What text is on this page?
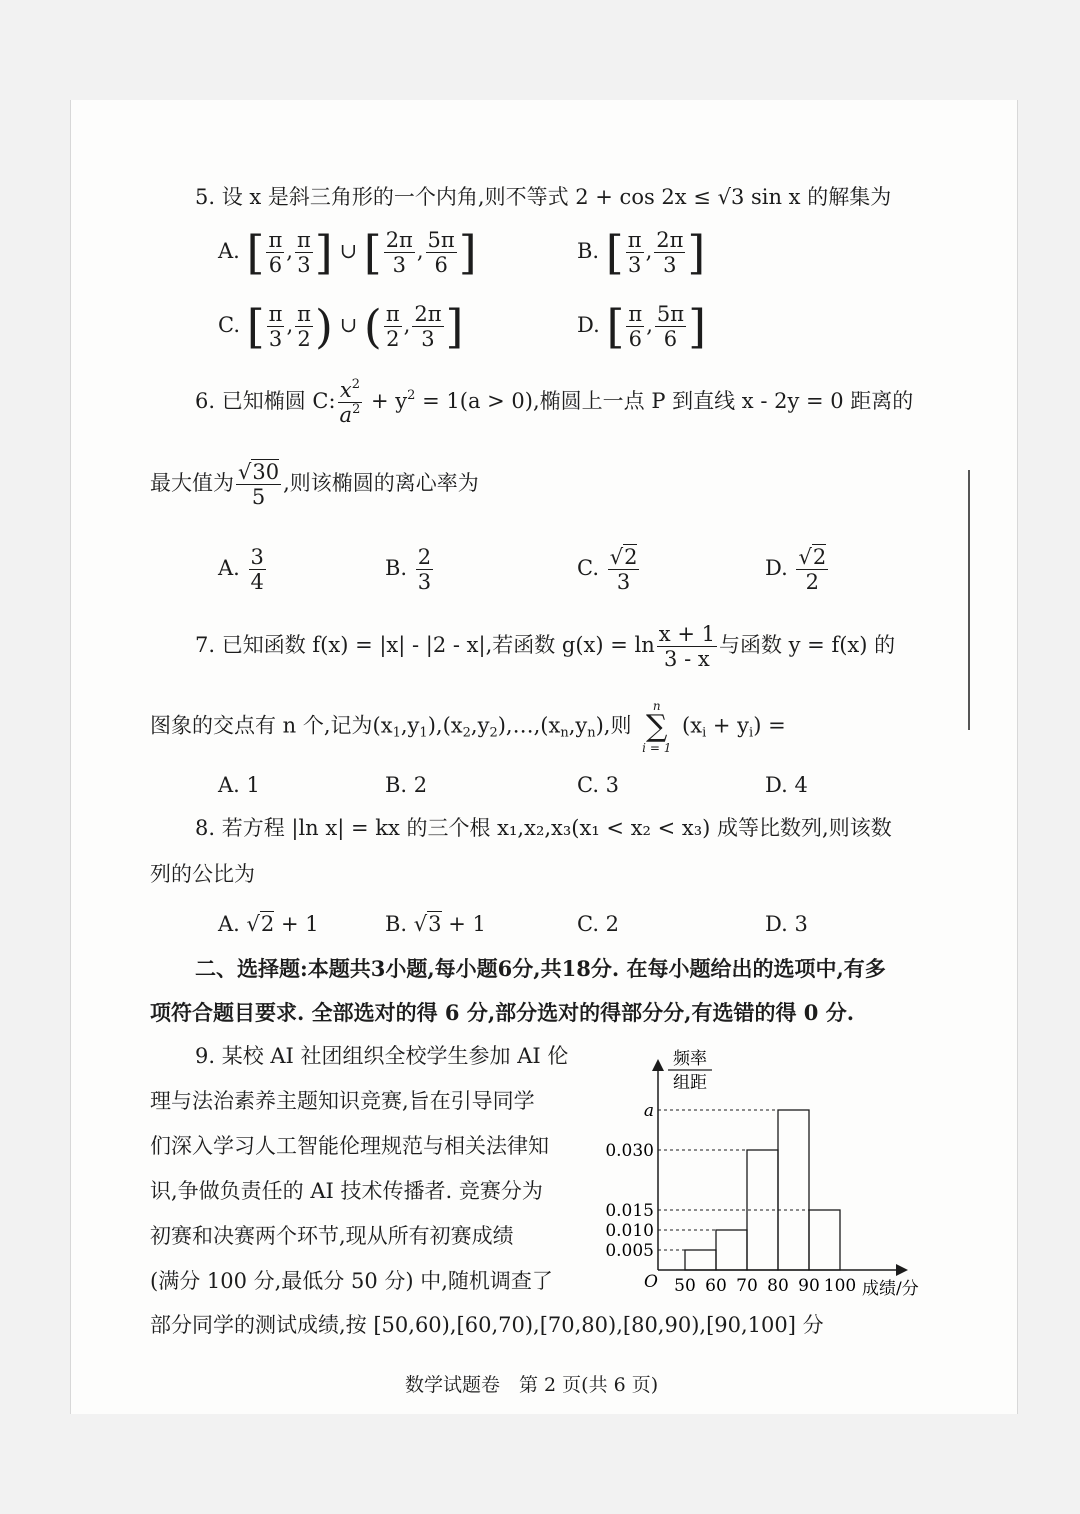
5. 设 x 是斜三角形的一个内角,则不等式 2 + cos 2x ≤ √3 sin x 的解集为
A. [ $\frac{\pi}{6}$ , $\frac{\pi}{3}$ ] ∪ [ $\frac{2\pi}{3}$ , $\frac{5\pi}{6}$ ]	B. [ $\frac{\pi}{3}$ , $\frac{2\pi}{3}$ ]
C. [ $\frac{\pi}{3}$ , $\frac{\pi}{2}$ ) ∪ ( $\frac{\pi}{2}$ , $\frac{2\pi}{3}$ ]	D. [ $\frac{\pi}{6}$ , $\frac{5\pi}{6}$ ]
6. 已知椭圆 C: $\frac{x^2}{a^2} + y^2 = 1(a > 0)$,椭圆上一点 P 到直线 x - 2y = 0 距离的
最大值为 $\frac{√30}{5}$ ,则该椭圆的离心率为
A. $\frac{3}{4}$	B. $\frac{2}{3}$	C. $\frac{√2}{3}$	D. $\frac{√2}{2}$
7. 已知函数 f(x) = |x| - |2 - x|,若函数 $g(x) = \ln \frac{x + 1}{3 - x}$ 与函数 y = f(x) 的
图象的交点有 n 个,记为$(x_1,y_1),(x_2,y_2),\dots,(x_n,y_n)$,则
n
∑
i = 1
$(x_i + y_i)$ =
A. 1	B. 2	C. 3	D. 4
8. 若方程 |ln x| = kx 的三个根 x₁,x₂,x₃(x₁ < x₂ < x₃) 成等比数列,则该数
列的公比为
A. √2 + 1	B. √3 + 1	C. 2	D. 3
二、选择题:本题共3小题,每小题6分,共18分. 在每小题给出的选项中,有多
项符合题目要求. 全部选对的得 6 分,部分选对的得部分分,有选错的得 0 分.
9. 某校 AI 社团组织全校学生参加 AI 伦
理与法治素养主题知识竞赛,旨在引导同学
们深入学习人工智能伦理规范与相关法律知
识,争做负责任的 AI 技术传播者. 竞赛分为
初赛和决赛两个环节,现从所有初赛成绩
(满分 100 分,最低分 50 分) 中,随机调查了
部分同学的测试成绩,按 [50,60),[60,70),[70,80),[80,90),[90,100] 分
频率
组距
O	成绩/分
0.005
0.010
0.015
0.030
a
50 60 70 80 90 100
数学试题卷　第 2 页(共 6 页)
